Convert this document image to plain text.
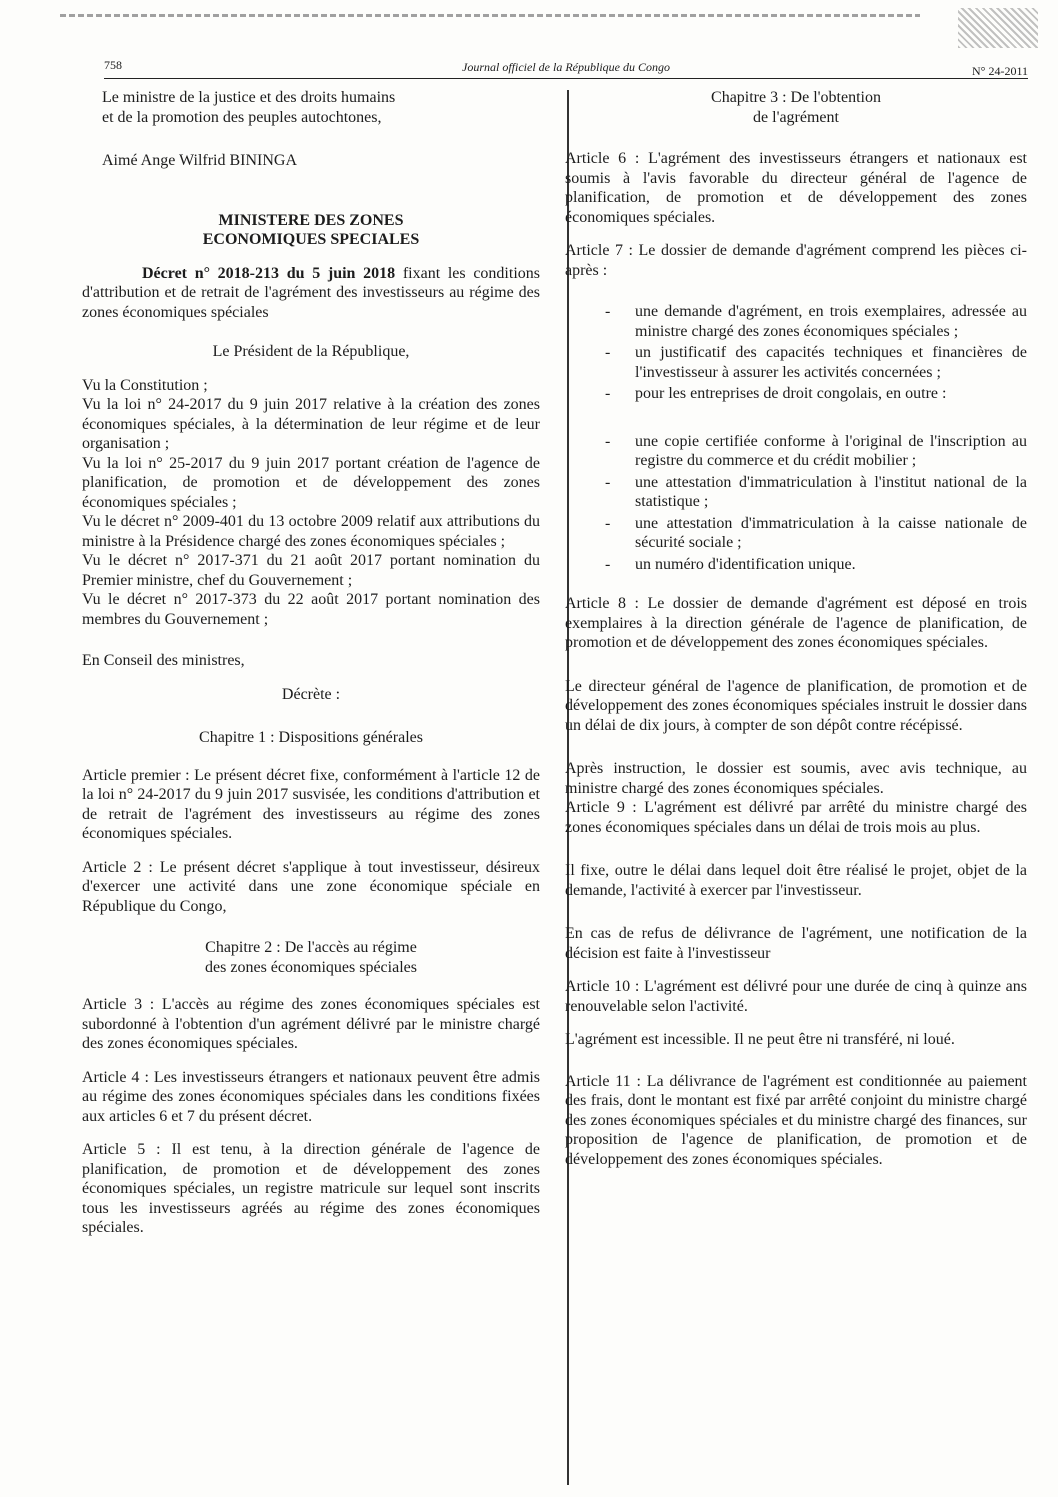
758	Journal officiel de la République du Congo	N° 24-2011
Le ministre de la justice et des droits humains
et de la promotion des peuples autochtones,
Aimé Ange Wilfrid BININGA
MINISTERE DES ZONES
ECONOMIQUES SPECIALES

Décret n° 2018-213 du 5 juin 2018 fixant les conditions d'attribution et de retrait de l'agrément des investisseurs au régime des zones économiques spéciales

Le Président de la République,

Vu la Constitution ;
Vu la loi n° 24-2017 du 9 juin 2017 relative à la création des zones économiques spéciales, à la détermination de leur régime et de leur organisation ;
Vu la loi n° 25-2017 du 9 juin 2017 portant création de l'agence de planification, de promotion et de développement des zones économiques spéciales ;
Vu le décret n° 2009-401 du 13 octobre 2009 relatif aux attributions du ministre à la Présidence chargé des zones économiques spéciales ;
Vu le décret n° 2017-371 du 21 août 2017 portant nomination du Premier ministre, chef du Gouvernement ;
Vu le décret n° 2017-373 du 22 août 2017 portant nomination des membres du Gouvernement ;

En Conseil des ministres,

Décrète :

Chapitre 1 : Dispositions générales

Article premier : Le présent décret fixe, conformément à l'article 12 de la loi n° 24-2017 du 9 juin 2017 susvisée, les conditions d'attribution et de retrait de l'agrément des investisseurs au régime des zones économiques spéciales.

Article 2 : Le présent décret s'applique à tout investisseur, désireux d'exercer une activité dans une zone économique spéciale en République du Congo,

Chapitre 2 : De l'accès au régime
des zones économiques spéciales

Article 3 : L'accès au régime des zones économiques spéciales est subordonné à l'obtention d'un agrément délivré par le ministre chargé des zones économiques spéciales.

Article 4 : Les investisseurs étrangers et nationaux peuvent être admis au régime des zones économiques spéciales dans les conditions fixées aux articles 6 et 7 du présent décret.

Article 5 : Il est tenu, à la direction générale de l'agence de planification, de promotion et de développement des zones économiques spéciales, un registre matricule sur lequel sont inscrits tous les investisseurs agréés au régime des zones économiques spéciales.

Chapitre 3 : De l'obtention
de l'agrément

Article 6 : L'agrément des investisseurs étrangers et nationaux est soumis à l'avis favorable du directeur général de l'agence de planification, de promotion et de développement des zones économiques spéciales.

Article 7 : Le dossier de demande d'agrément comprend les pièces ci-après :

- une demande d'agrément, en trois exemplaires, adressée au ministre chargé des zones économiques spéciales ;
- un justificatif des capacités techniques et financières de l'investisseur à assurer les activités concernées ;
- pour les entreprises de droit congolais, en outre :
- une copie certifiée conforme à l'original de l'inscription au registre du commerce et du crédit mobilier ;
- une attestation d'immatriculation à l'institut national de la statistique ;
- une attestation d'immatriculation à la caisse nationale de sécurité sociale ;
- un numéro d'identification unique.

Article 8 : Le dossier de demande d'agrément est déposé en trois exemplaires à la direction générale de l'agence de planification, de promotion et de développement des zones économiques spéciales.

Le directeur général de l'agence de planification, de promotion et de développement des zones économiques spéciales instruit le dossier dans un délai de dix jours, à compter de son dépôt contre récépissé.

Après instruction, le dossier est soumis, avec avis technique, au ministre chargé des zones économiques spéciales.

Article 9 : L'agrément est délivré par arrêté du ministre chargé des zones économiques spéciales dans un délai de trois mois au plus.

Il fixe, outre le délai dans lequel doit être réalisé le projet, objet de la demande, l'activité à exercer par l'investisseur.

En cas de refus de délivrance de l'agrément, une notification de la décision est faite à l'investisseur

Article 10 : L'agrément est délivré pour une durée de cinq à quinze ans renouvelable selon l'activité.

L'agrément est incessible. Il ne peut être ni transféré, ni loué.

Article 11 : La délivrance de l'agrément est conditionnée au paiement des frais, dont le montant est fixé par arrêté conjoint du ministre chargé des zones économiques spéciales et du ministre chargé des finances, sur proposition de l'agence de planification, de promotion et de développement des zones économiques spéciales.
